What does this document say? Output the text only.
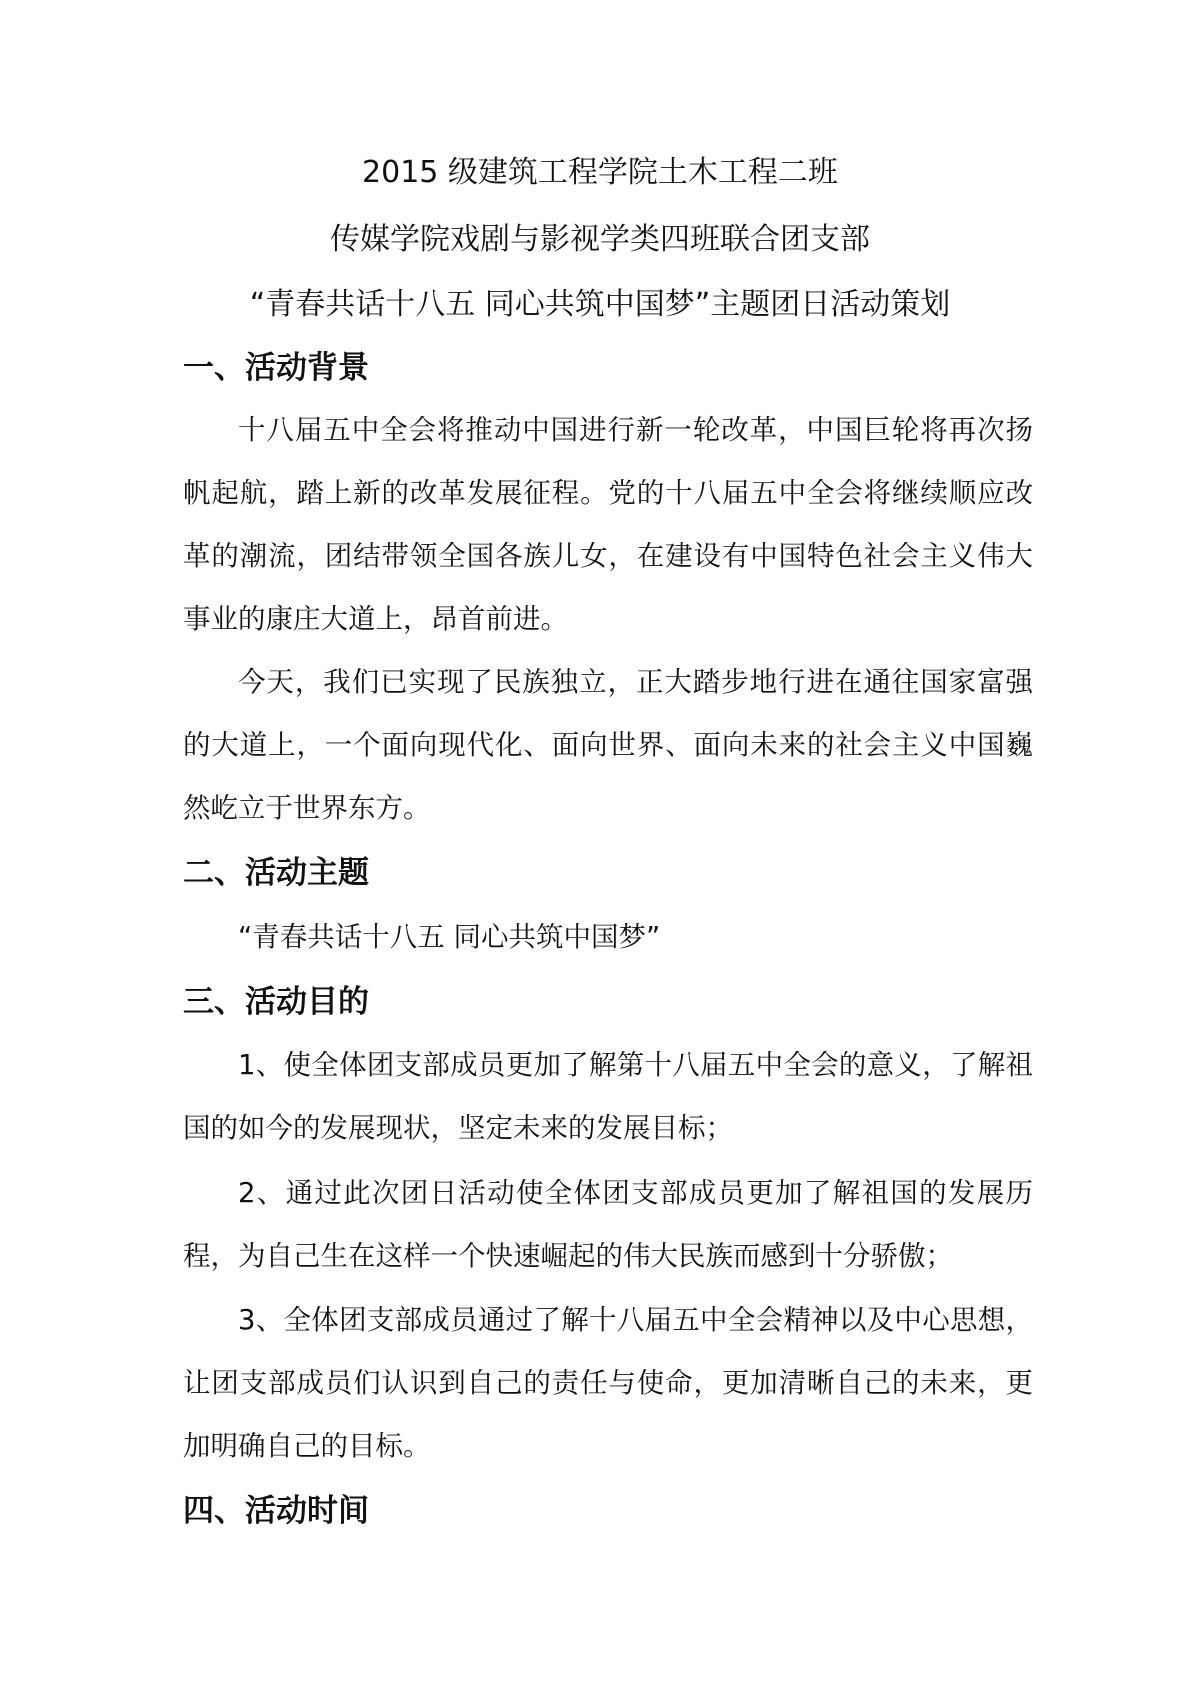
2015 级建筑工程学院土木工程二班
传媒学院戏剧与影视学类四班联合团支部
“青春共话十八五 同心共筑中国梦”主题团日活动策划
一、活动背景

十八届五中全会将推动中国进行新一轮改革，中国巨轮将再次扬帆起航，踏上新的改革发展征程。党的十八届五中全会将继续顺应改革的潮流，团结带领全国各族儿女，在建设有中国特色社会主义伟大事业的康庄大道上，昂首前进。

今天，我们已实现了民族独立，正大踏步地行进在通往国家富强的大道上，一个面向现代化、面向世界、面向未来的社会主义中国巍然屹立于世界东方。

二、活动主题
“青春共话十八五 同心共筑中国梦”
三、活动目的

1、使全体团支部成员更加了解第十八届五中全会的意义，了解祖国的如今的发展现状，坚定未来的发展目标；

2、通过此次团日活动使全体团支部成员更加了解祖国的发展历程，为自己生在这样一个快速崛起的伟大民族而感到十分骄傲；

3、全体团支部成员通过了解十八届五中全会精神以及中心思想，让团支部成员们认识到自己的责任与使命，更加清晰自己的未来，更加明确自己的目标。

四、活动时间
